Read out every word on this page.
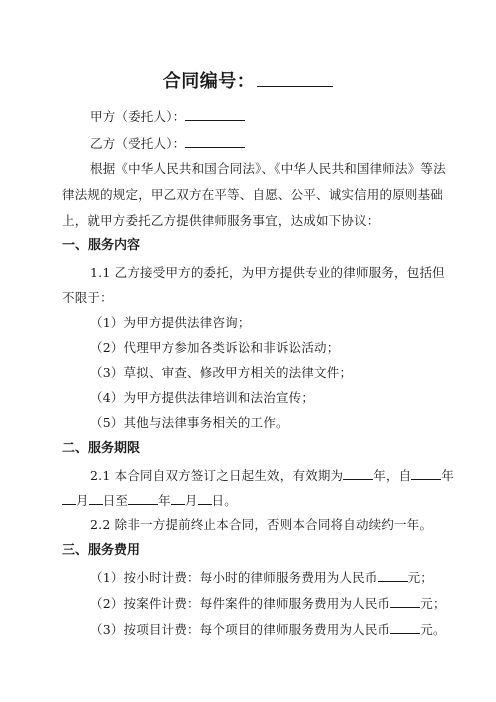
合同编号：
甲方（委托人）：
乙方（受托人）：
根据《中华人民共和国合同法》、《中华人民共和国律师法》等法
律法规的规定，甲乙双方在平等、自愿、公平、诚实信用的原则基础
上，就甲方委托乙方提供律师服务事宜，达成如下协议：
一、服务内容
1.1 乙方接受甲方的委托，为甲方提供专业的律师服务，包括但
不限于：
（1）为甲方提供法律咨询；
（2）代理甲方参加各类诉讼和非诉讼活动；
（3）草拟、审查、修改甲方相关的法律文件；
（4）为甲方提供法律培训和法治宣传；
（5）其他与法律事务相关的工作。
二、服务期限
2.1 本合同自双方签订之日起生效，有效期为 年，自 年
月 日至 年 月 日。
2.2 除非一方提前终止本合同，否则本合同将自动续约一年。
三、服务费用
（1）按小时计费：每小时的律师服务费用为人民币 元；
（2）按案件计费：每件案件的律师服务费用为人民币 元；
（3）按项目计费：每个项目的律师服务费用为人民币 元。
